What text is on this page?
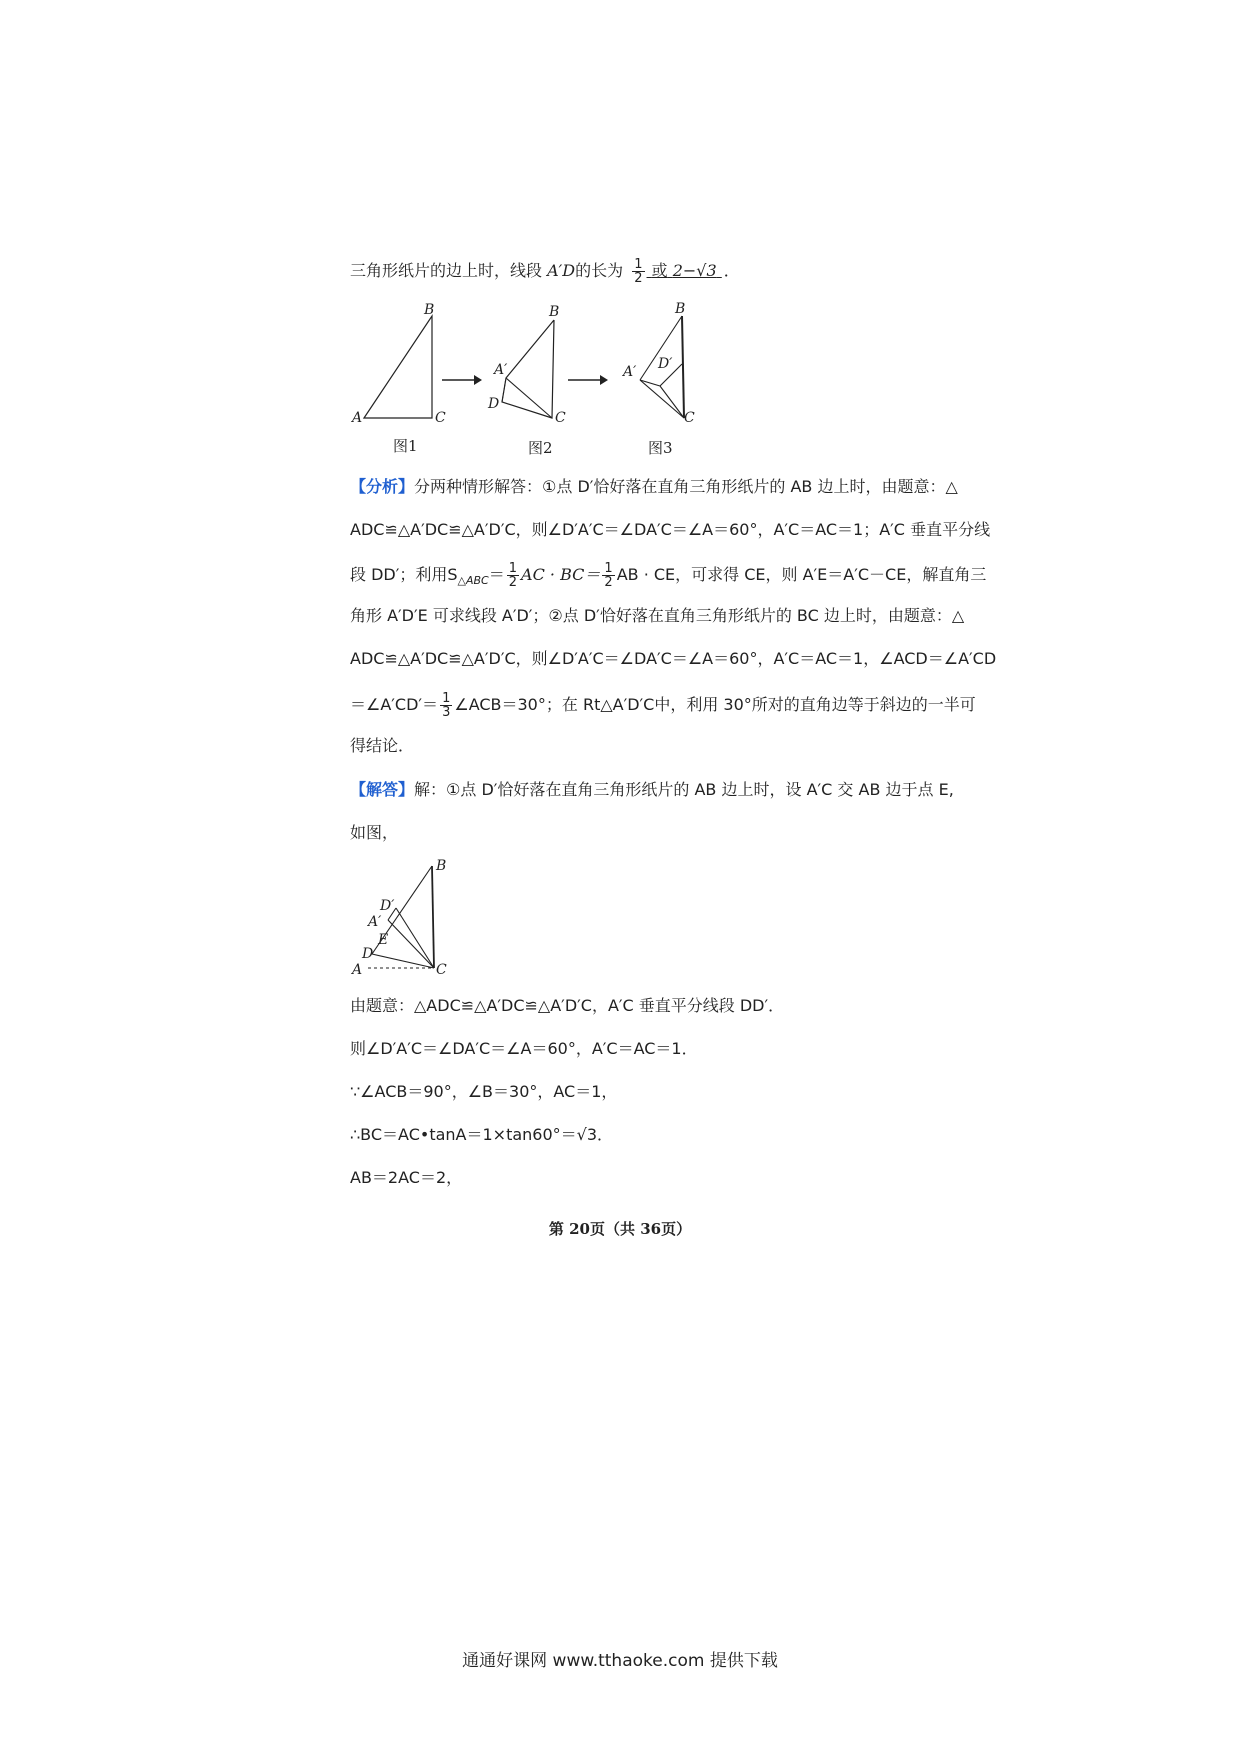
三角形纸片的边上时，线段 A′D的长为 $\frac{1}{2}$ 或 2−√3 ．
B
A	C
图1
B
A′
D
C
图2
B
A′ D′
C
图3
【分析】分两种情形解答：①点 D′恰好落在直角三角形纸片的 AB 边上时，由题意：△
ADC≌△A′DC≌△A′D′C，则∠D′A′C＝∠DA′C＝∠A＝60°，A′C＝AC＝1；A′C 垂直平分线
段 DD′；利用$S_{\triangle ABC}= \frac{1}{2}$ AC · $BC= \frac{1}{2}$ AB · CE，可求得 CE，则 A′E＝A′C－CE，解直角三
角形 A′D′E 可求线段 A′D′；②点 D′恰好落在直角三角形纸片的 BC 边上时，由题意：△
ADC≌△A′DC≌△A′D′C，则∠D′A′C＝∠DA′C＝∠A＝60°，A′C＝AC＝1，∠ACD＝∠A′CD
＝∠A′CD′＝ $\frac{1}{3}$ ∠ACB＝30°；在 Rt△A′D′C中，利用 30°所对的直角边等于斜边的一半可
得结论．
【解答】解：①点 D′恰好落在直角三角形纸片的 AB 边上时，设 A′C 交 AB 边于点 E,
如图，
B
D′
A′
E
D
A	C
由题意：△ADC≌△A′DC≌△A′D′C，A′C 垂直平分线段 DD′．
则∠D′A′C＝∠DA′C＝∠A＝60°，A′C＝AC＝1．
∵∠ACB＝90°，∠B＝30°，AC＝1，
∴BC＝AC•tanA＝1×tan60°＝√3．
AB＝2AC＝2，
第 20页（共 36页）
通通好课网 www.tthaoke.com 提供下载
